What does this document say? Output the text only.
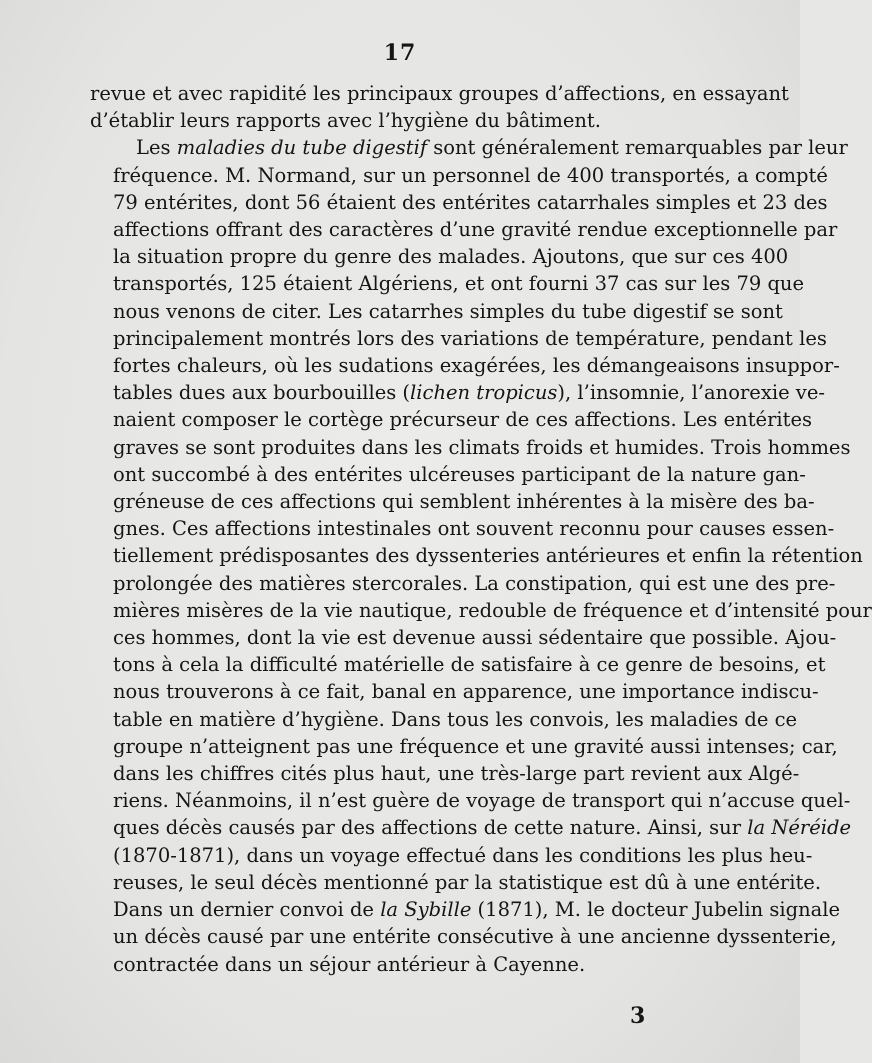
17

revue et avec rapidité les principaux groupes d’affections, en essayant
d’établir leurs rapports avec l’hygiène du bâtiment.

Les maladies du tube digestif sont généralement remarquables par leur
fréquence. M. Normand, sur un personnel de 400 transportés, a compté
79 entérites, dont 56 étaient des entérites catarrhales simples et 23 des
affections offrant des caractères d’une gravité rendue exceptionnelle par
la situation propre du genre des malades. Ajoutons, que sur ces 400
transportés, 125 étaient Algériens, et ont fourni 37 cas sur les 79 que
nous venons de citer. Les catarrhes simples du tube digestif se sont
principalement montrés lors des variations de température, pendant les
fortes chaleurs, où les sudations exagérées, les démangeaisons insuppor-
tables dues aux bourbouilles (lichen tropicus), l’insomnie, l’anorexie ve-
naient composer le cortège précurseur de ces affections. Les entérites
graves se sont produites dans les climats froids et humides. Trois hommes
ont succombé à des entérites ulcéreuses participant de la nature gan-
gréneuse de ces affections qui semblent inhérentes à la misère des ba-
gnes. Ces affections intestinales ont souvent reconnu pour causes essen-
tiellement prédisposantes des dyssenteries antérieures et enfin la rétention
prolongée des matières stercorales. La constipation, qui est une des pre-
mières misères de la vie nautique, redouble de fréquence et d’intensité pour
ces hommes, dont la vie est devenue aussi sédentaire que possible. Ajou-
tons à cela la difficulté matérielle de satisfaire à ce genre de besoins, et
nous trouverons à ce fait, banal en apparence, une importance indiscu-
table en matière d’hygiène. Dans tous les convois, les maladies de ce
groupe n’atteignent pas une fréquence et une gravité aussi intenses; car,
dans les chiffres cités plus haut, une très-large part revient aux Algé-
riens. Néanmoins, il n’est guère de voyage de transport qui n’accuse quel-
ques décès causés par des affections de cette nature. Ainsi, sur la Néréide
(1870-1871), dans un voyage effectué dans les conditions les plus heu-
reuses, le seul décès mentionné par la statistique est dû à une entérite.
Dans un dernier convoi de la Sybille (1871), M. le docteur Jubelin signale
un décès causé par une entérite consécutive à une ancienne dyssenterie,
contractée dans un séjour antérieur à Cayenne.

3
